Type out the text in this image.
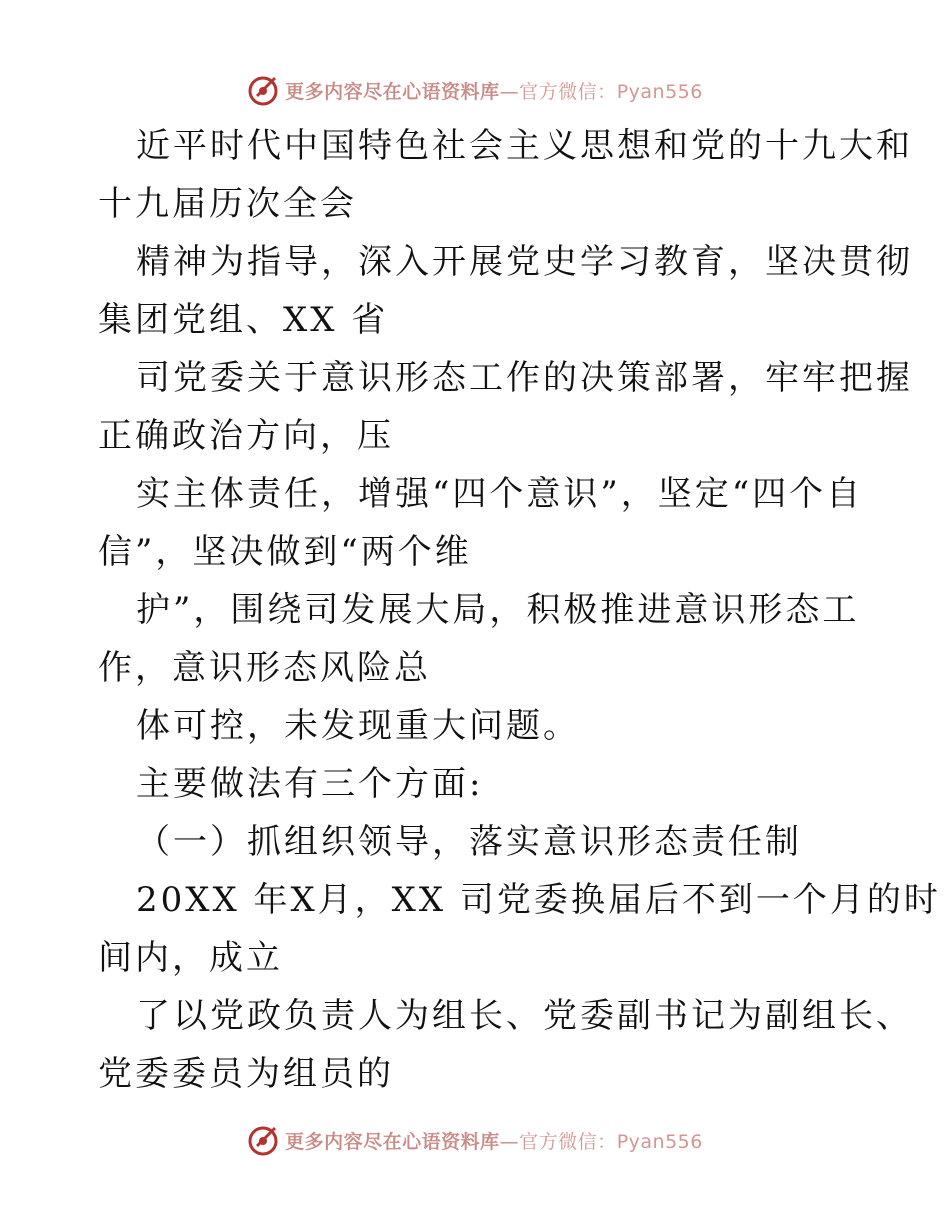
更多内容尽在心语资料库—官方微信：Pyan556
近平时代中国特色社会主义思想和党的十九大和
十九届历次全会
精神为指导，深入开展党史学习教育，坚决贯彻
集团党组、XX 省
司党委关于意识形态工作的决策部署，牢牢把握
正确政治方向，压
实主体责任，增强“四个意识”，坚定“四个自
信”，坚决做到“两个维
护”，围绕司发展大局，积极推进意识形态工
作，意识形态风险总
体可控，未发现重大问题。
主要做法有三个方面:
（一）抓组织领导，落实意识形态责任制
20XX 年X月，XX 司党委换届后不到一个月的时
间内，成立
了以党政负责人为组长、党委副书记为副组长、
党委委员为组员的
更多内容尽在心语资料库—官方微信：Pyan556
